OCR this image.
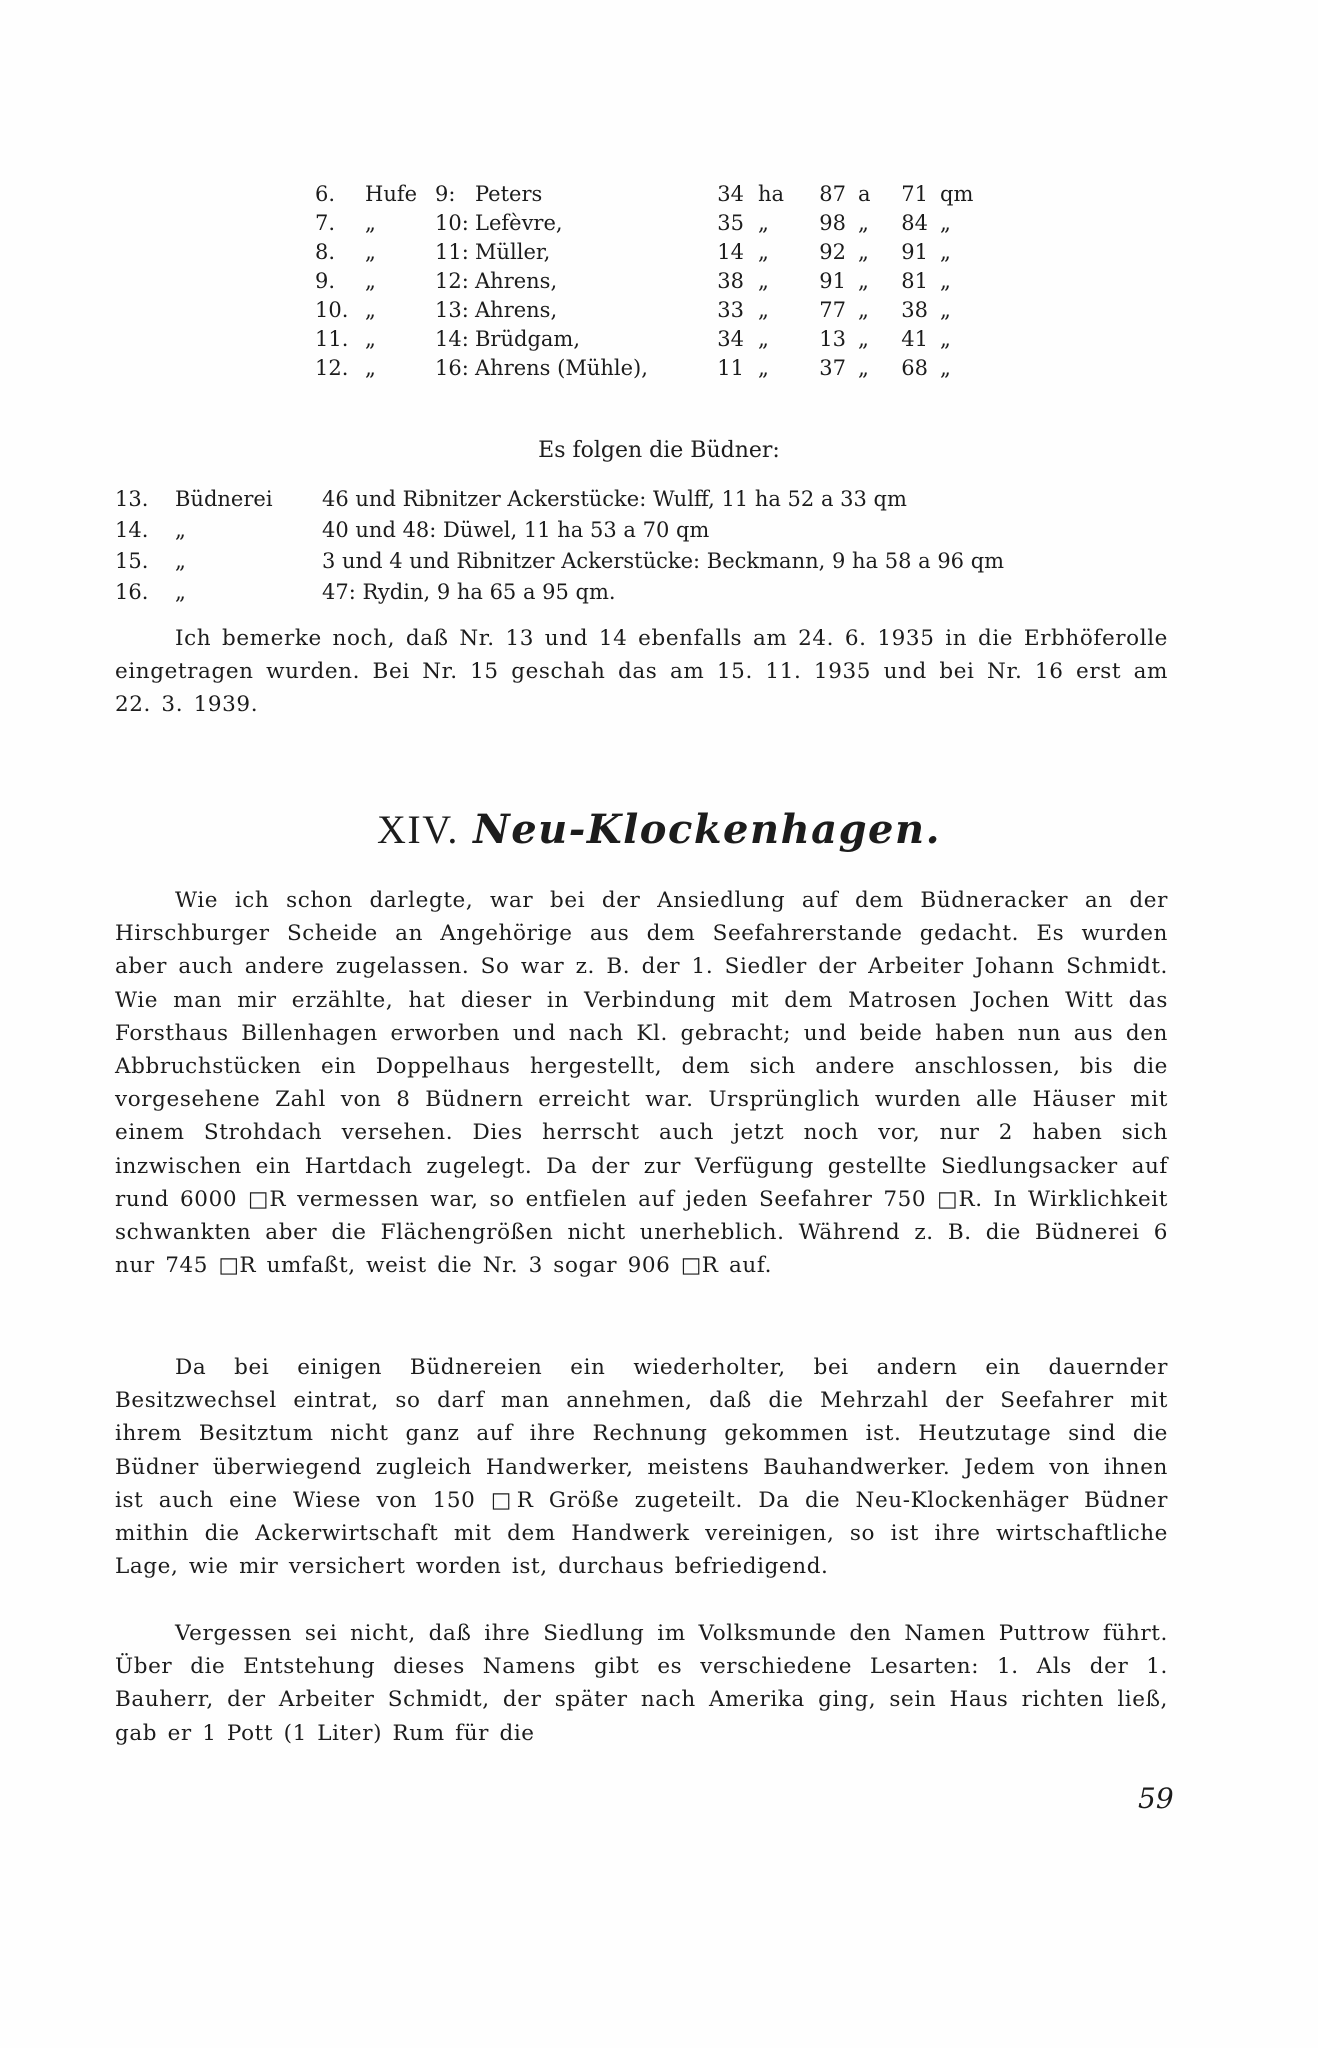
6.	Hufe 9: Peters	34 ha	87 a	71 qm
7.	„	10: Lefèvre,	35 „	98 „	84 „
8.	„	11: Müller,	14 „	92 „	91 „
9.	„	12: Ahrens,	38 „	91 „	81 „
10. „	13: Ahrens,	33 „	77 „	38 „
11. „	14: Brüdgam,	34 „	13 „	41 „
12. „	16: Ahrens (Mühle),	11 „	37 „	68 „
Es folgen die Büdner:
13. Büdnerei 46 und Ribnitzer Ackerstücke: Wulff, 11 ha 52 a 33 qm
14. „	40 und 48: Düwel, 11 ha 53 a 70 qm
15. „	3 und 4 und Ribnitzer Ackerstücke: Beckmann, 9 ha 58 a 96 qm
16. „	47: Rydin, 9 ha 65 a 95 qm.
Ich bemerke noch, daß Nr. 13 und 14 ebenfalls am 24. 6. 1935 in die Erbhöferolle eingetragen wurden. Bei Nr. 15 geschah das am 15. 11. 1935 und bei Nr. 16 erst am 22. 3. 1939.
XIV. Neu-Klockenhagen.
Wie ich schon darlegte, war bei der Ansiedlung auf dem Büdneracker an der Hirschburger Scheide an Angehörige aus dem Seefahrerstande gedacht. Es wurden aber auch andere zugelassen. So war z. B. der 1. Siedler der Arbeiter Johann Schmidt. Wie man mir erzählte, hat dieser in Verbindung mit dem Matrosen Jochen Witt das Forsthaus Billenhagen erworben und nach Kl. gebracht; und beide haben nun aus den Abbruchstücken ein Doppelhaus hergestellt, dem sich andere anschlossen, bis die vorgesehene Zahl von 8 Büdnern erreicht war. Ursprünglich wurden alle Häuser mit einem Strohdach versehen. Dies herrscht auch jetzt noch vor, nur 2 haben sich inzwischen ein Hartdach zugelegt. Da der zur Verfügung gestellte Siedlungsacker auf rund 6000 □R vermessen war, so entfielen auf jeden Seefahrer 750 □R. In Wirklichkeit schwankten aber die Flächengrößen nicht unerheblich. Während z. B. die Büdnerei 6 nur 745 □R umfaßt, weist die Nr. 3 sogar 906 □R auf.
Da bei einigen Büdnereien ein wiederholter, bei andern ein dauernder Besitzwechsel eintrat, so darf man annehmen, daß die Mehrzahl der Seefahrer mit ihrem Besitztum nicht ganz auf ihre Rechnung gekommen ist. Heutzutage sind die Büdner überwiegend zugleich Handwerker, meistens Bauhandwerker. Jedem von ihnen ist auch eine Wiese von 150 □R Größe zugeteilt. Da die Neu-Klockenhäger Büdner mithin die Ackerwirtschaft mit dem Handwerk vereinigen, so ist ihre wirtschaftliche Lage, wie mir versichert worden ist, durchaus befriedigend.
Vergessen sei nicht, daß ihre Siedlung im Volksmunde den Namen Puttrow führt. Über die Entstehung dieses Namens gibt es verschiedene Lesarten: 1. Als der 1. Bauherr, der Arbeiter Schmidt, der später nach Amerika ging, sein Haus richten ließ, gab er 1 Pott (1 Liter) Rum für die
59
